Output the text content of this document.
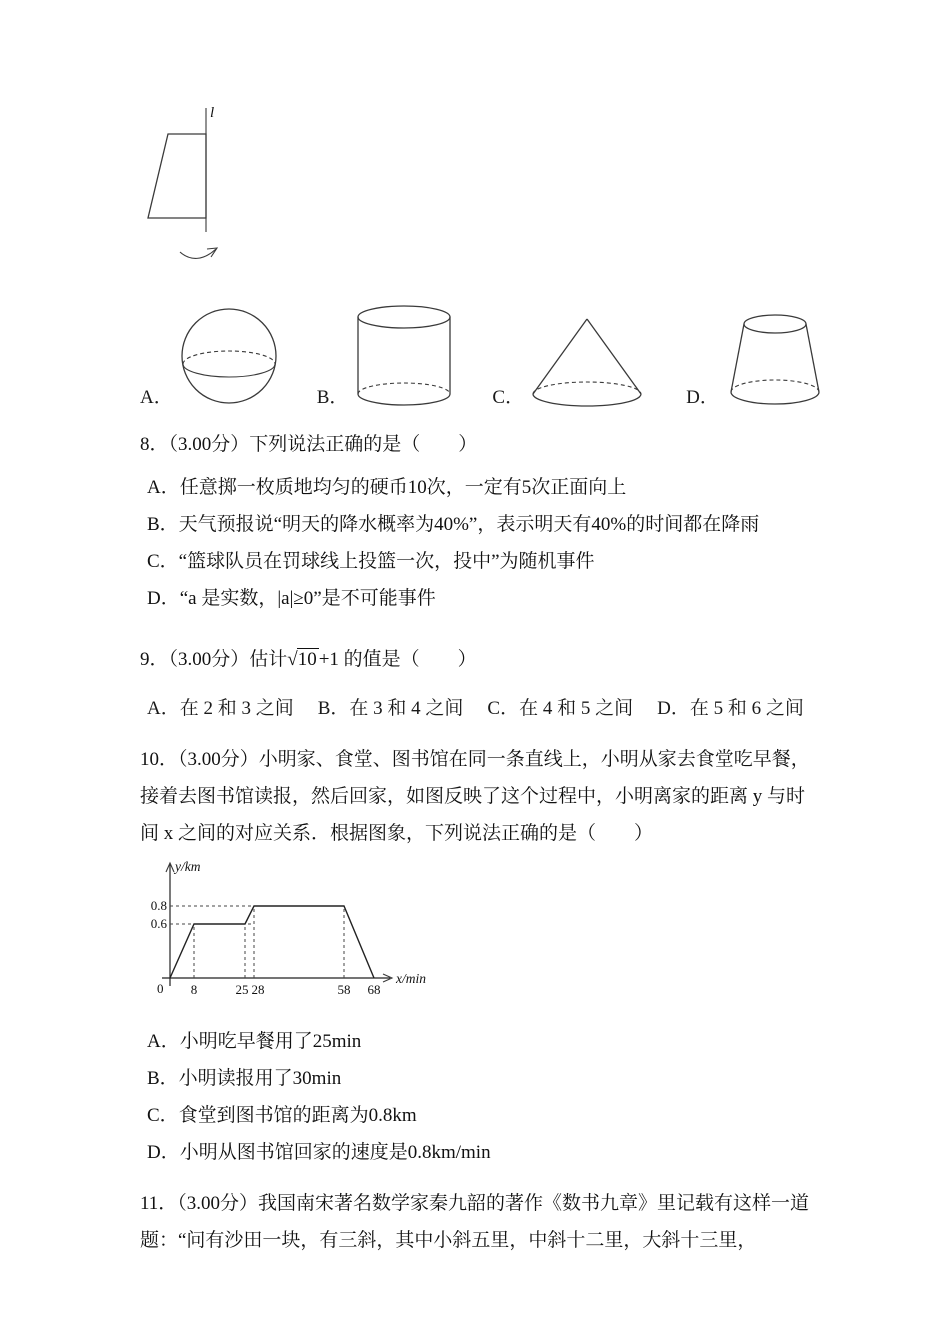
l
A．	B．	C．	D．

8．（3.00分）下列说法正确的是（　　）

A．任意掷一枚质地均匀的硬币10次，一定有5次正面向上
B．天气预报说“明天的降水概率为40%”，表示明天有40%的时间都在降雨
C．“篮球队员在罚球线上投篮一次，投中”为随机事件
D．“a 是实数，|a|≥0”是不可能事件

9．（3.00分）估计√10 +1 的值是（　　）

A．在 2 和 3 之间 B．在 3 和 4 之间 C．在 4 和 5 之间 D．在 5 和 6 之间

10．（3.00分）小明家、食堂、图书馆在同一条直线上，小明从家去食堂吃早餐，接着去图书馆读报，然后回家，如图反映了这个过程中，小明离家的距离 y 与时间 x 之间的对应关系．根据图象，下列说法正确的是（　　）

y/km
x/min
0
0.8
0.6
8	25 28	58 68
A．小明吃早餐用了25min
B．小明读报用了30min
C．食堂到图书馆的距离为0.8km
D．小明从图书馆回家的速度是0.8km/min

11．（3.00分）我国南宋著名数学家秦九韶的著作《数书九章》里记载有这样一道题：“问有沙田一块，有三斜，其中小斜五里，中斜十二里，大斜十三里，
